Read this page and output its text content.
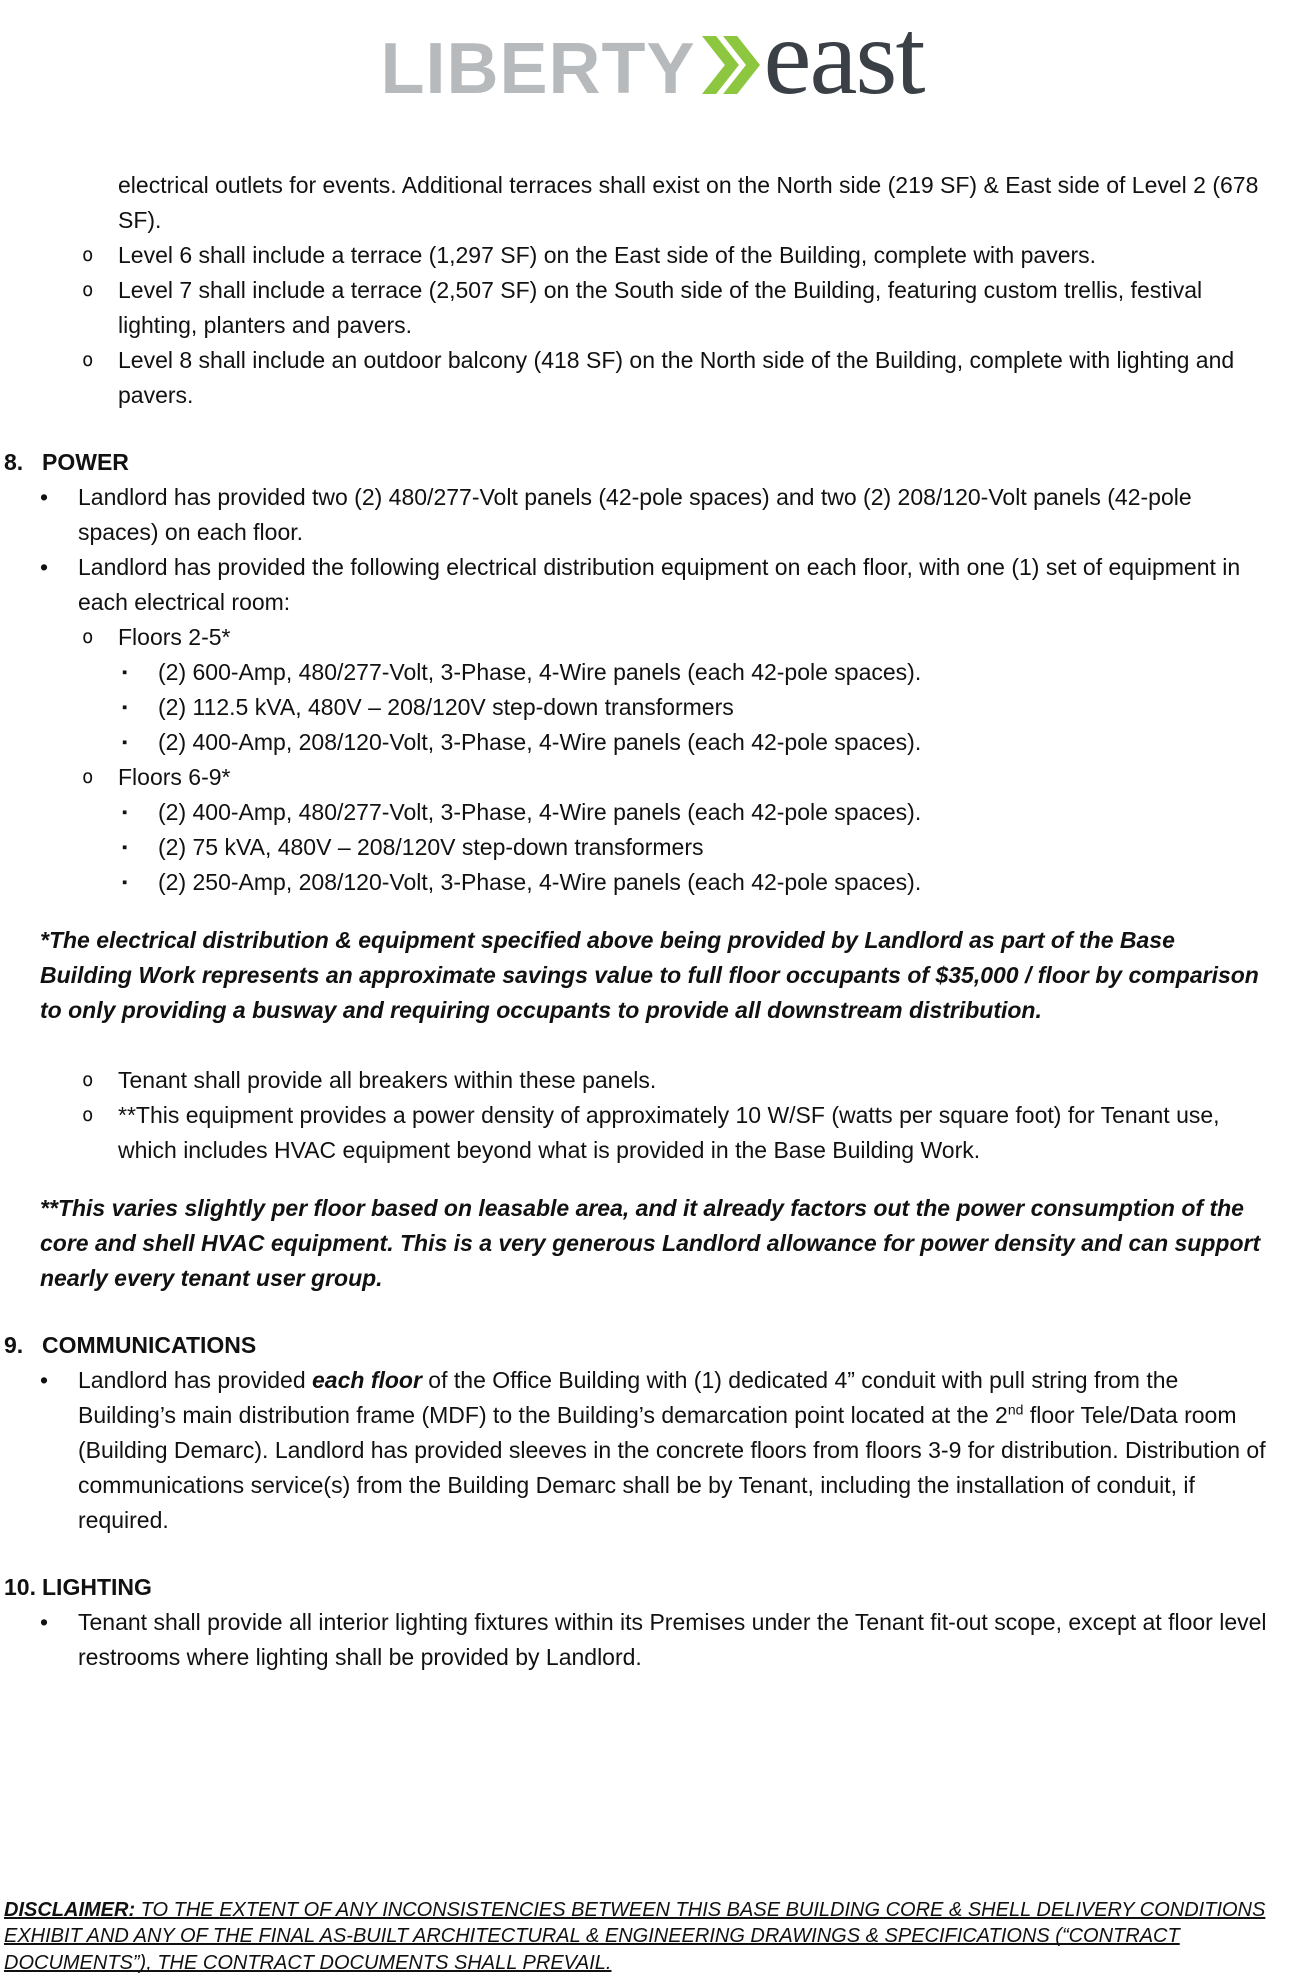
LIBERTY east

electrical outlets for events. Additional terraces shall exist on the North side (219 SF) & East side of Level 2 (678 SF).

o	Level 6 shall include a terrace (1,297 SF) on the East side of the Building, complete with pavers.
o	Level 7 shall include a terrace (2,507 SF) on the South side of the Building, featuring custom trellis, festival lighting, planters and pavers.
o	Level 8 shall include an outdoor balcony (418 SF) on the North side of the Building, complete with lighting and pavers.
8. POWER
•	Landlord has provided two (2) 480/277-Volt panels (42-pole spaces) and two (2) 208/120-Volt panels (42-pole spaces) on each floor.
•	Landlord has provided the following electrical distribution equipment on each floor, with one (1) set of equipment in each electrical room:
o	Floors 2-5*
▪	(2) 600-Amp, 480/277-Volt, 3-Phase, 4-Wire panels (each 42-pole spaces).
▪	(2) 112.5 kVA, 480V – 208/120V step-down transformers
▪	(2) 400-Amp, 208/120-Volt, 3-Phase, 4-Wire panels (each 42-pole spaces).
o	Floors 6-9*
▪	(2) 400-Amp, 480/277-Volt, 3-Phase, 4-Wire panels (each 42-pole spaces).
▪	(2) 75 kVA, 480V – 208/120V step-down transformers
▪	(2) 250-Amp, 208/120-Volt, 3-Phase, 4-Wire panels (each 42-pole spaces).

*The electrical distribution & equipment specified above being provided by Landlord as part of the Base Building Work represents an approximate savings value to full floor occupants of $35,000 / floor by comparison to only providing a busway and requiring occupants to provide all downstream distribution.

o	Tenant shall provide all breakers within these panels.
o	**This equipment provides a power density of approximately 10 W/SF (watts per square foot) for Tenant use, which includes HVAC equipment beyond what is provided in the Base Building Work.

**This varies slightly per floor based on leasable area, and it already factors out the power consumption of the core and shell HVAC equipment. This is a very generous Landlord allowance for power density and can support nearly every tenant user group.

9. COMMUNICATIONS
•	Landlord has provided each floor of the Office Building with (1) dedicated 4” conduit with pull string from the Building’s main distribution frame (MDF) to the Building’s demarcation point located at the 2nd floor Tele/Data room (Building Demarc). Landlord has provided sleeves in the concrete floors from floors 3-9 for distribution. Distribution of communications service(s) from the Building Demarc shall be by Tenant, including the installation of conduit, if required.
10. LIGHTING
•	Tenant shall provide all interior lighting fixtures within its Premises under the Tenant fit-out scope, except at floor level restrooms where lighting shall be provided by Landlord.
DISCLAIMER: TO THE EXTENT OF ANY INCONSISTENCIES BETWEEN THIS BASE BUILDING CORE & SHELL DELIVERY CONDITIONS EXHIBIT AND ANY OF THE FINAL AS-BUILT ARCHITECTURAL & ENGINEERING DRAWINGS & SPECIFICATIONS (“CONTRACT DOCUMENTS”), THE CONTRACT DOCUMENTS SHALL PREVAIL.
